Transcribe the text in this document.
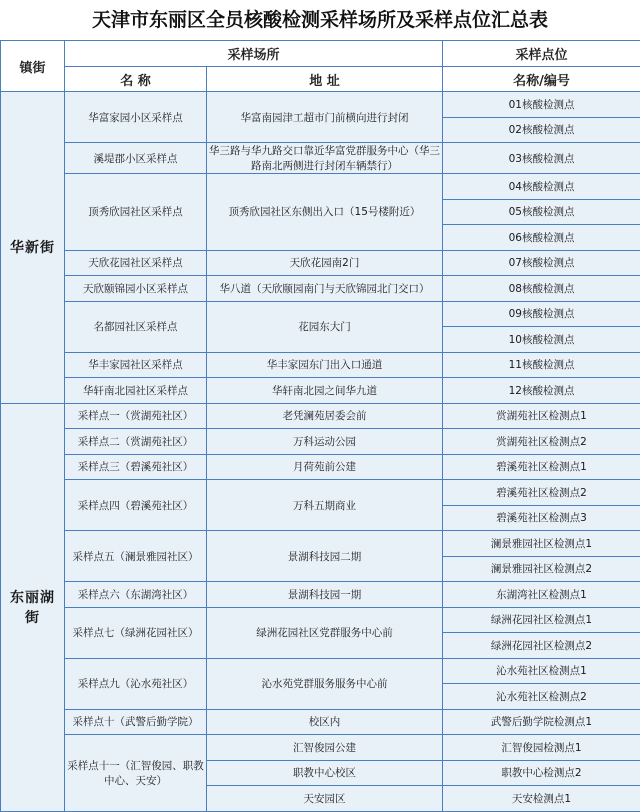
天津市东丽区全员核酸检测采样场所及采样点位汇总表
镇街	采样场所		采样点位
	名 称	地 址	名称/编号
华新街	华富家园小区采样点	华富南园津工超市门前横向进行封闭	01核酸检测点
			02核酸检测点
	溪堤郡小区采样点	华三路与华九路交口靠近华富党群服务中心（华三路南北两侧进行封闭车辆禁行）	03核酸检测点
	顶秀欣园社区采样点	顶秀欣园社区东侧出入口（15号楼附近）	04核酸检测点
			05核酸检测点
			06核酸检测点
	天欣花园社区采样点	天欣花园南2门	07核酸检测点
	天欣颐锦园小区采样点	华八道（天欣颐园南门与天欣锦园北门交口）	08核酸检测点
	名都园社区采样点	花园东大门	09核酸检测点
			10核酸检测点
	华丰家园社区采样点	华丰家园东门出入口通道	11核酸检测点
	华轩南北园社区采样点	华轩南北园之间华九道	12核酸检测点
东丽湖街	采样点一（赏湖苑社区）	老凭澜苑居委会前	赏湖苑社区检测点1
	采样点二（赏湖苑社区）	万科运动公园	赏湖苑社区检测点2
	采样点三（碧溪苑社区）	月荷苑前公建	碧溪苑社区检测点1
	采样点四（碧溪苑社区）	万科五期商业	碧溪苑社区检测点2
			碧溪苑社区检测点3
	采样点五（澜景雅园社区）	景湖科技园二期	澜景雅园社区检测点1
			澜景雅园社区检测点2
	采样点六（东湖湾社区）	景湖科技园一期	东湖湾社区检测点1
	采样点七（绿洲花园社区）	绿洲花园社区党群服务中心前	绿洲花园社区检测点1
			绿洲花园社区检测点2
	采样点九（沁水苑社区）	沁水苑党群服务服务中心前	沁水苑社区检测点1
			沁水苑社区检测点2
	采样点十（武警后勤学院）	校区内	武警后勤学院检测点1
	采样点十一（汇智俊园、职教中心、天安）	汇智俊园公建	汇智俊园检测点1
		职教中心校区	职教中心检测点2
		天安园区	天安检测点1
